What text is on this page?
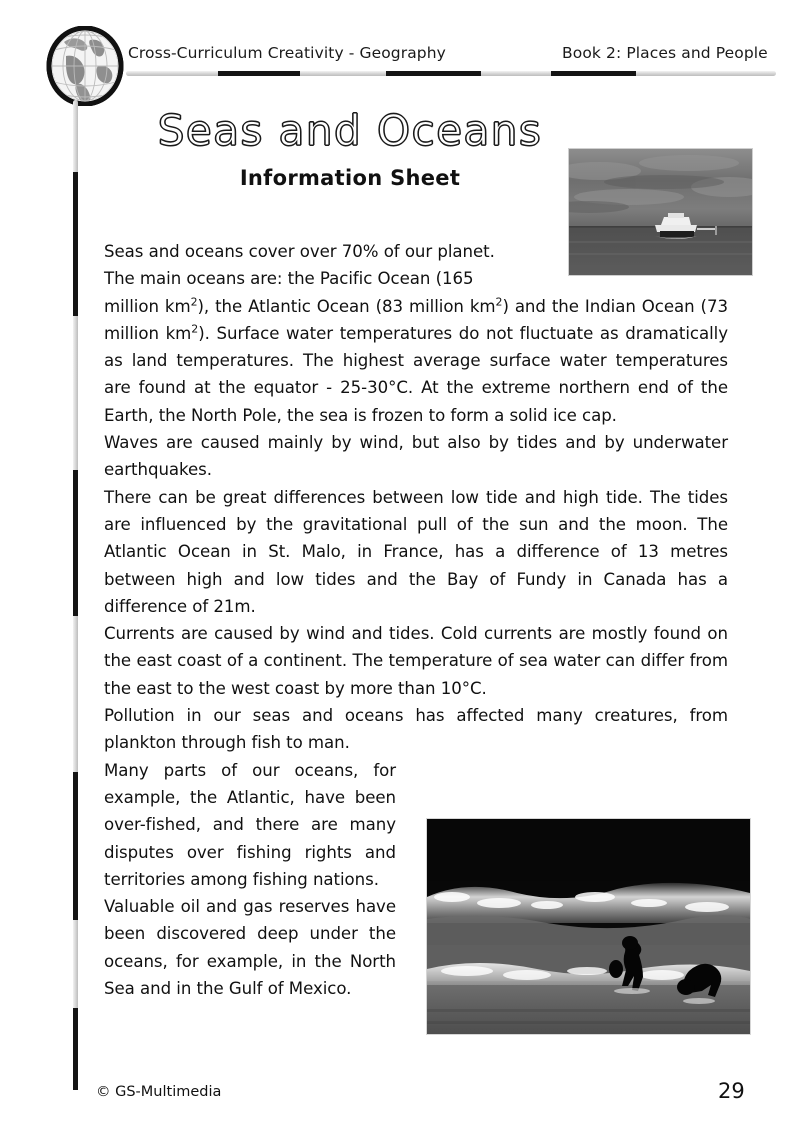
Cross-Curriculum Creativity - Geography	Book 2: Places and People
Seas and Oceans
Information Sheet

Seas and oceans cover over 70% of our planet.
The main oceans are: the Pacific Ocean (165
million $km^2$), the Atlantic Ocean (83 million $km^2$) and the Indian Ocean (73 million $km^2$). Surface water temperatures do not fluctuate as dramatically as land temperatures. The highest average surface water temperatures are found at the equator - 25-30°C. At the extreme northern end of the Earth, the North Pole, the sea is frozen to form a solid ice cap.

Waves are caused mainly by wind, but also by tides and by underwater earthquakes.

There can be great differences between low tide and high tide. The tides are influenced by the gravitational pull of the sun and the moon. The Atlantic Ocean in St. Malo, in France, has a difference of 13 metres between high and low tides and the Bay of Fundy in Canada has a difference of 21m.

Currents are caused by wind and tides. Cold currents are mostly found on the east coast of a continent. The temperature of sea water can differ from the east to the west coast by more than 10°C.

Pollution in our seas and oceans has affected many creatures, from plankton through fish to man.

Many parts of our oceans, for example, the Atlantic, have been over-fished, and there are many disputes over fishing rights and territories among fishing nations.

Valuable oil and gas reserves have been discovered deep under the oceans, for example, in the North Sea and in the Gulf of Mexico.

© GS-Multimedia	29
